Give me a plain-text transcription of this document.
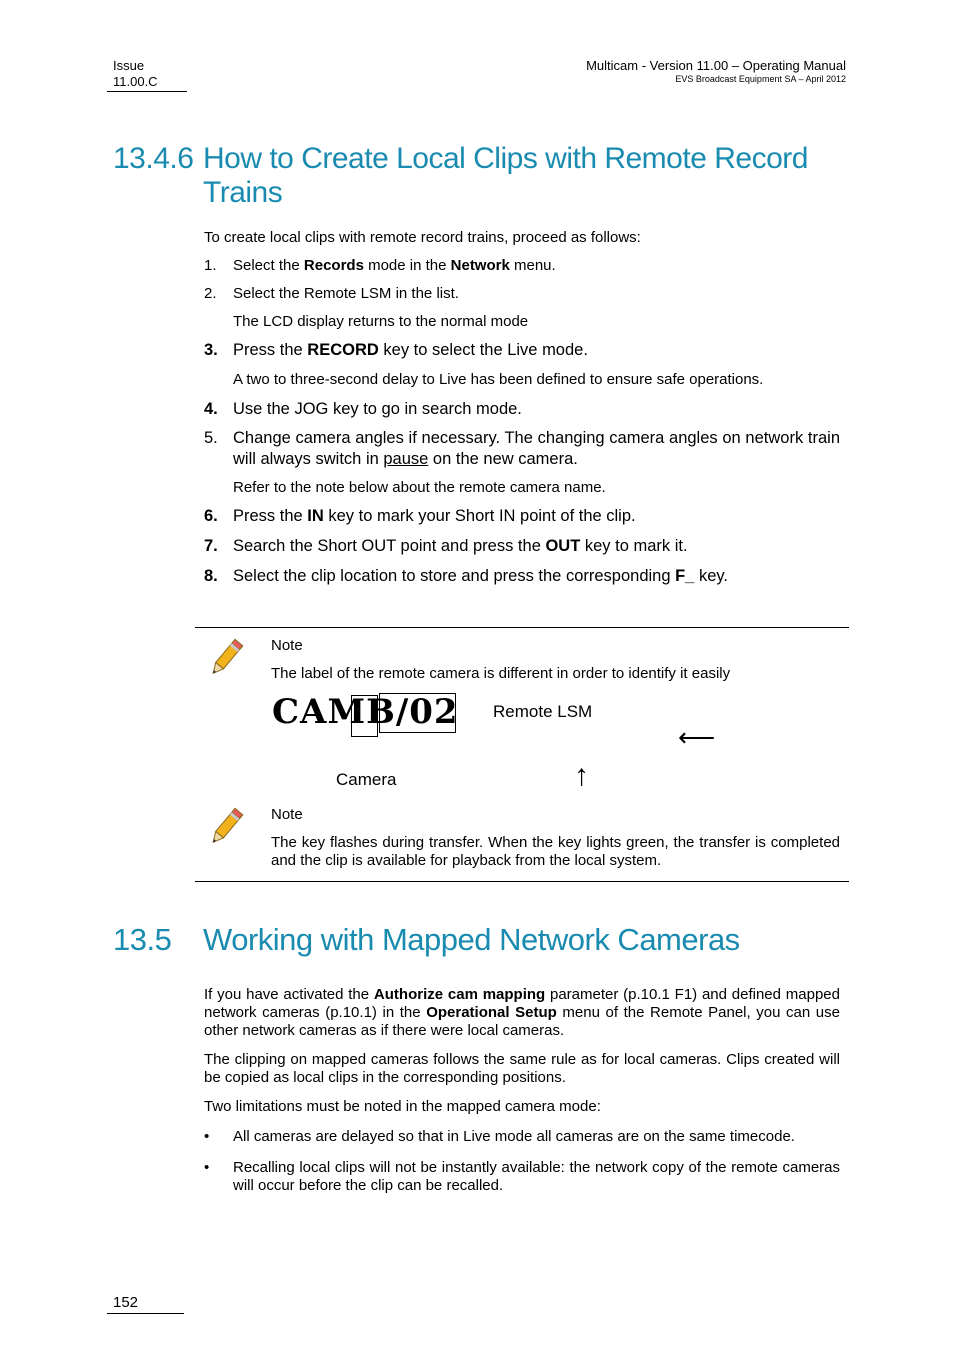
Issue
11.00.C
Multicam - Version 11.00 – Operating Manual
EVS Broadcast Equipment SA – April 2012
13.4.6 How to Create Local Clips with Remote Record
Trains
To create local clips with remote record trains, proceed as follows:
1.	Select the Records mode in the Network menu.
2.	Select the Remote LSM in the list.
The LCD display returns to the normal mode
3. Press the RECORD key to select the Live mode.
A two to three-second delay to Live has been defined to ensure safe operations.
4. Use the JOG key to go in search mode.
5. Change camera angles if necessary. The changing camera angles on network train will always switch in pause on the new camera.
Refer to the note below about the remote camera name.
6. Press the IN key to mark your Short IN point of the clip.
7. Search the Short OUT point and press the OUT key to mark it.
8. Select the clip location to store and press the corresponding F_ key.
Note
The label of the remote camera is different in order to identify it easily
CAMB/02 Remote LSM
⟵
Camera	↑
Note
The key flashes during transfer. When the key lights green, the transfer is completed and the clip is available for playback from the local system.
13.5 Working with Mapped Network Cameras
If you have activated the Authorize cam mapping parameter (p.10.1 F1) and defined mapped network cameras (p.10.1) in the Operational Setup menu of the Remote Panel, you can use other network cameras as if there were local cameras.
The clipping on mapped cameras follows the same rule as for local cameras. Clips created will be copied as local clips in the corresponding positions.
Two limitations must be noted in the mapped camera mode:
•	All cameras are delayed so that in Live mode all cameras are on the same timecode.
•	Recalling local clips will not be instantly available: the network copy of the remote cameras will occur before the clip can be recalled.
152
